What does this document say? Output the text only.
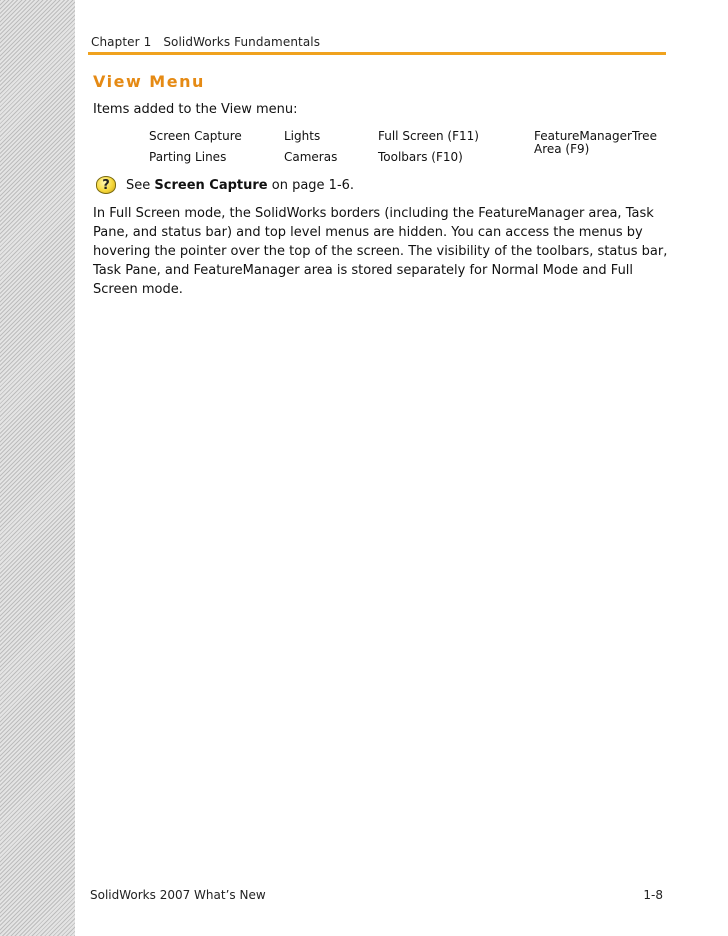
Chapter 1 SolidWorks Fundamentals
View Menu
Items added to the View menu:
Screen Capture	Lights	Full Screen (F11)	FeatureManagerTree Area (F9)
Parting Lines	Cameras	Toolbars (F10)
?	See Screen Capture on page 1-6.
In Full Screen mode, the SolidWorks borders (including the FeatureManager area, Task Pane, and status bar) and top level menus are hidden. You can access the menus by hovering the pointer over the top of the screen. The visibility of the toolbars, status bar, Task Pane, and FeatureManager area is stored separately for Normal Mode and Full Screen mode.
SolidWorks 2007 What’s New	1-8
